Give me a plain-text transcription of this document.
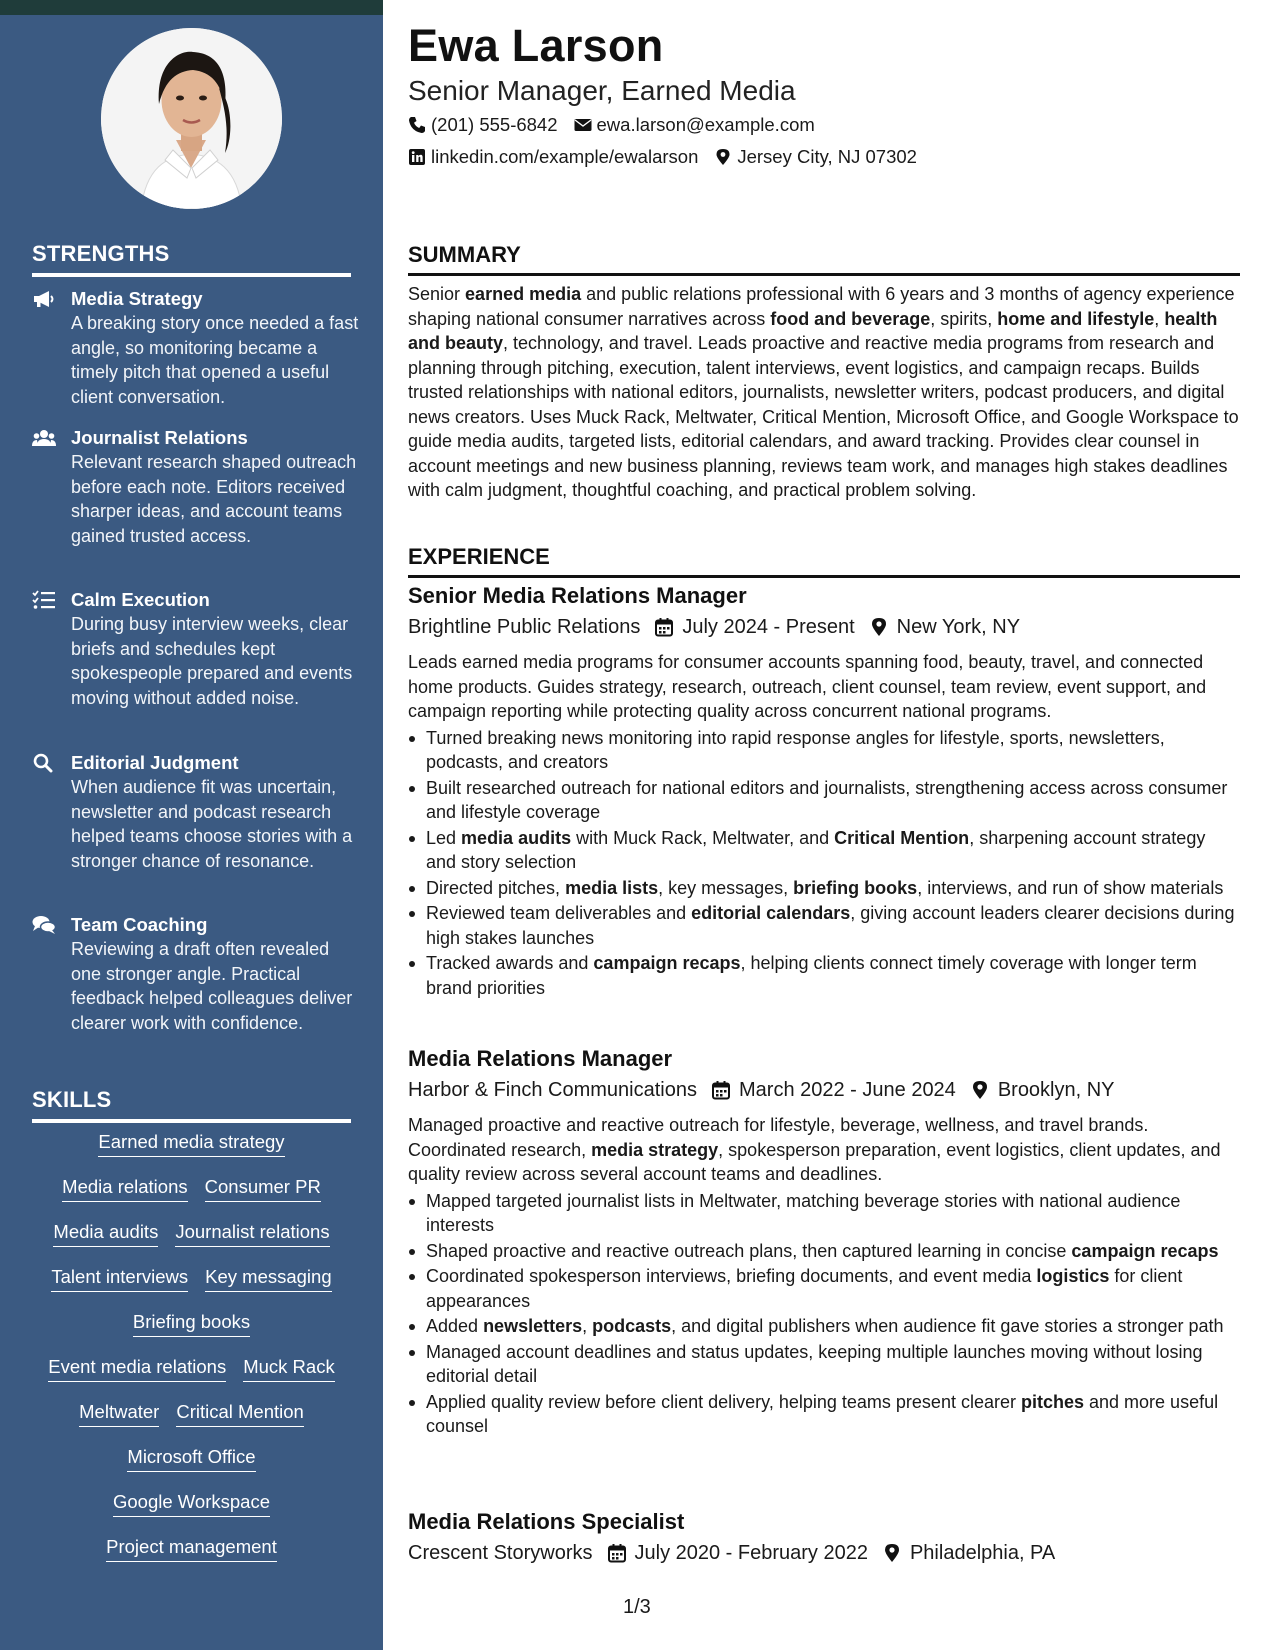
STRENGTHS
Media Strategy
A breaking story once needed a fast angle, so monitoring became a timely pitch that opened a useful client conversation.
Journalist Relations
Relevant research shaped outreach before each note. Editors received sharper ideas, and account teams gained trusted access.
Calm Execution
During busy interview weeks, clear briefs and schedules kept spokespeople prepared and events moving without added noise.
Editorial Judgment
When audience fit was uncertain, newsletter and podcast research helped teams choose stories with a stronger chance of resonance.
Team Coaching
Reviewing a draft often revealed one stronger angle. Practical feedback helped colleagues deliver clearer work with confidence.
SKILLS
Earned media strategy
Media relations Consumer PR
Media audits Journalist relations
Talent interviews Key messaging
Briefing books
Event media relations Muck Rack
Meltwater Critical Mention
Microsoft Office
Google Workspace
Project management
Ewa Larson
Senior Manager, Earned Media
(201) 555-6842 ewa.larson@example.com
linkedin.com/example/ewalarson Jersey City, NJ 07302
SUMMARY

Senior earned media and public relations professional with 6 years and 3 months of agency experience shaping national consumer narratives across food and beverage, spirits, home and lifestyle, health and beauty, technology, and travel. Leads proactive and reactive media programs from research and planning through pitching, execution, talent interviews, event logistics, and campaign recaps. Builds trusted relationships with national editors, journalists, newsletter writers, podcast producers, and digital news creators. Uses Muck Rack, Meltwater, Critical Mention, Microsoft Office, and Google Workspace to guide media audits, targeted lists, editorial calendars, and award tracking. Provides clear counsel in account meetings and new business planning, reviews team work, and manages high stakes deadlines with calm judgment, thoughtful coaching, and practical problem solving.

EXPERIENCE
Senior Media Relations Manager
Brightline Public Relations July 2024 - Present New York, NY
Leads earned media programs for consumer accounts spanning food, beauty, travel, and connected home products. Guides strategy, research, outreach, client counsel, team review, event support, and campaign reporting while protecting quality across concurrent national programs.
Turned breaking news monitoring into rapid response angles for lifestyle, sports, newsletters, podcasts, and creators
Built researched outreach for national editors and journalists, strengthening access across consumer and lifestyle coverage
Led media audits with Muck Rack, Meltwater, and Critical Mention, sharpening account strategy and story selection
Directed pitches, media lists, key messages, briefing books, interviews, and run of show materials
Reviewed team deliverables and editorial calendars, giving account leaders clearer decisions during high stakes launches
Tracked awards and campaign recaps, helping clients connect timely coverage with longer term brand priorities
Media Relations Manager
Harbor & Finch Communications March 2022 - June 2024 Brooklyn, NY
Managed proactive and reactive outreach for lifestyle, beverage, wellness, and travel brands. Coordinated research, media strategy, spokesperson preparation, event logistics, client updates, and quality review across several account teams and deadlines.
Mapped targeted journalist lists in Meltwater, matching beverage stories with national audience interests
Shaped proactive and reactive outreach plans, then captured learning in concise campaign recaps
Coordinated spokesperson interviews, briefing documents, and event media logistics for client appearances
Added newsletters, podcasts, and digital publishers when audience fit gave stories a stronger path
Managed account deadlines and status updates, keeping multiple launches moving without losing editorial detail
Applied quality review before client delivery, helping teams present clearer pitches and more useful counsel
Media Relations Specialist
Crescent Storyworks July 2020 - February 2022 Philadelphia, PA
1/3
